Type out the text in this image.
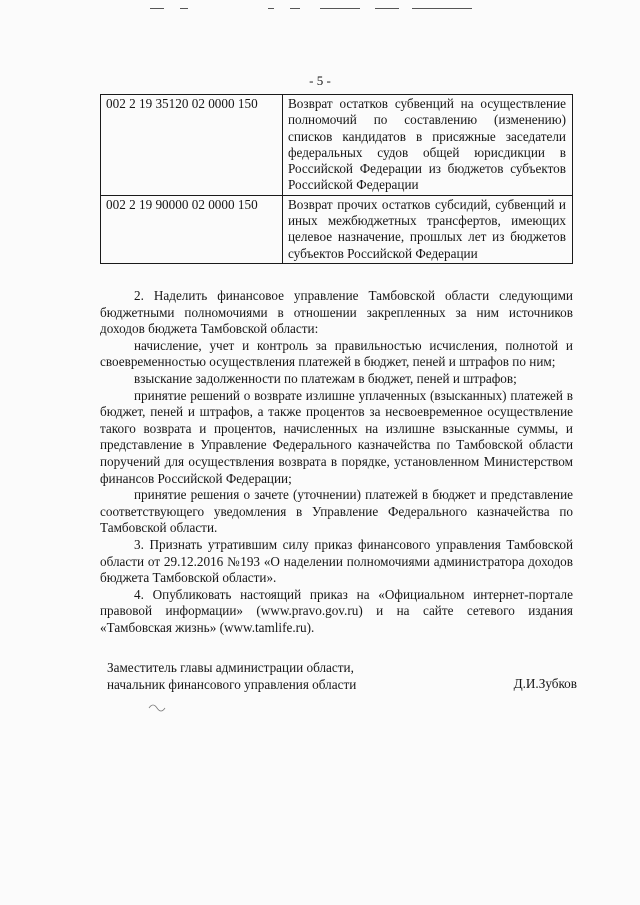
- 5 -
002 2 19 35120 02 0000 150	Возврат остатков субвенций на осуществление полномочий по составлению (изменению) списков кандидатов в присяжные заседатели федеральных судов общей юрисдикции в Российской Федерации из бюджетов субъектов Российской Федерации
002 2 19 90000 02 0000 150	Возврат прочих остатков субсидий, субвенций и иных межбюджетных трансфертов, имеющих целевое назначение, прошлых лет из бюджетов субъектов Российской Федерации

2. Наделить финансовое управление Тамбовской области следующими бюджетными полномочиями в отношении закрепленных за ним источников доходов бюджета Тамбовской области:

начисление, учет и контроль за правильностью исчисления, полнотой и своевременностью осуществления платежей в бюджет, пеней и штрафов по ним;

взыскание задолженности по платежам в бюджет, пеней и штрафов;

принятие решений о возврате излишне уплаченных (взысканных) платежей в бюджет, пеней и штрафов, а также процентов за несвоевременное осуществление такого возврата и процентов, начисленных на излишне взысканные суммы, и представление в Управление Федерального казначейства по Тамбовской области поручений для осуществления возврата в порядке, установленном Министерством финансов Российской Федерации;

принятие решения о зачете (уточнении) платежей в бюджет и представление соответствующего уведомления в Управление Федерального казначейства по Тамбовской области.

3. Признать утратившим силу приказ финансового управления Тамбовской области от 29.12.2016 №193 «О наделении полномочиями администратора доходов бюджета Тамбовской области».

4. Опубликовать настоящий приказ на «Официальном интернет-портале правовой информации» (www.pravo.gov.ru) и на сайте сетевого издания «Тамбовская жизнь» (www.tamlife.ru).

Заместитель главы администрации области,
начальник финансового управления области	Д.И.Зубков
